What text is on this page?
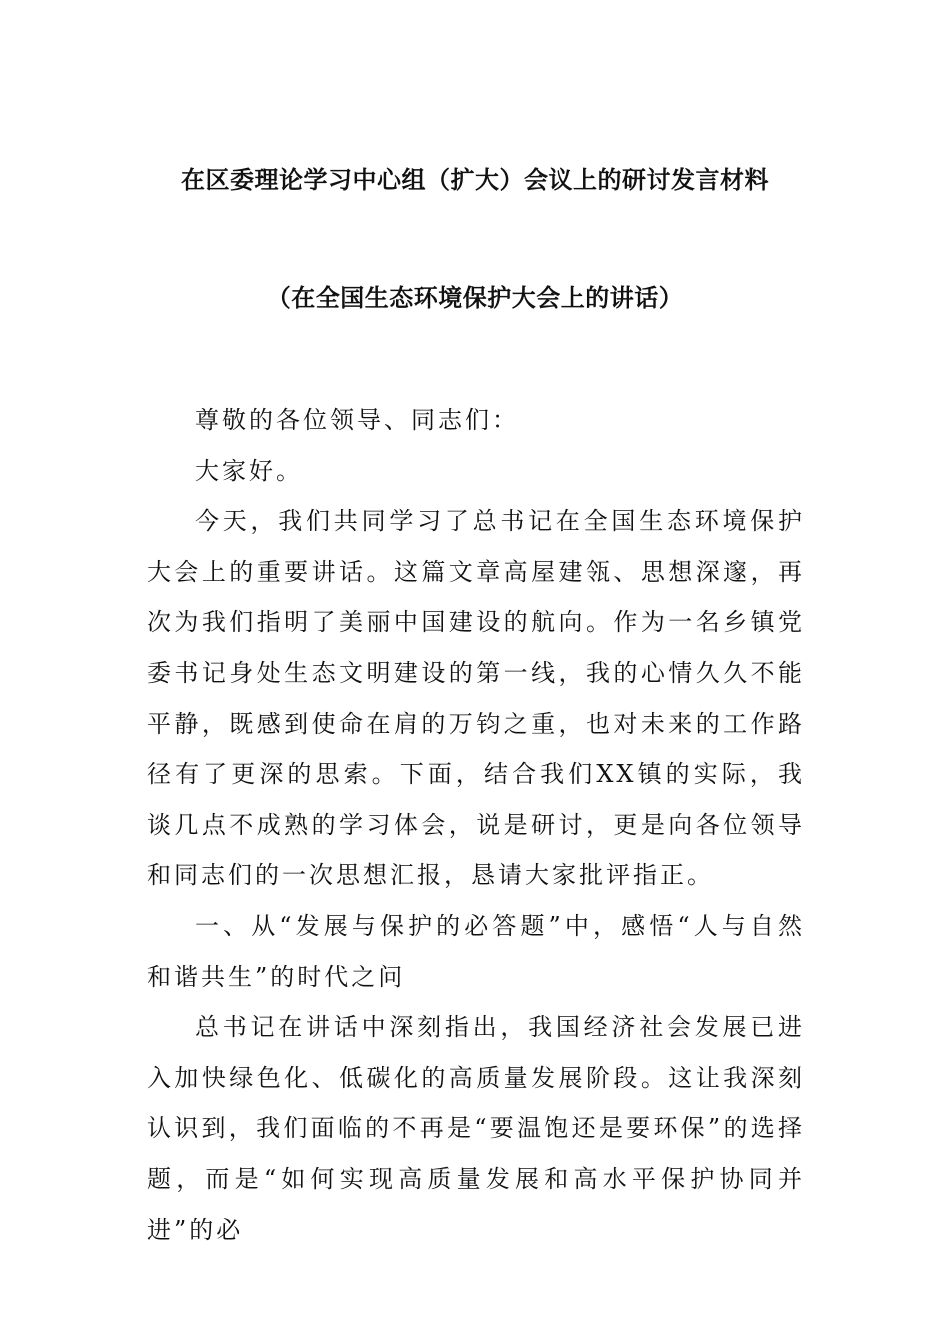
在区委理论学习中心组（扩大）会议上的研讨发言材料
（在全国生态环境保护大会上的讲话）

尊敬的各位领导、同志们：

大家好。

今天，我们共同学习了总书记在全国生态环境保护大会上的重要讲话。这篇文章高屋建瓴、思想深邃，再次为我们指明了美丽中国建设的航向。作为一名乡镇党委书记身处生态文明建设的第一线，我的心情久久不能平静，既感到使命在肩的万钧之重，也对未来的工作路径有了更深的思索。下面，结合我们XX镇的实际，我谈几点不成熟的学习体会，说是研讨，更是向各位领导和同志们的一次思想汇报，恳请大家批评指正。

一、从“发展与保护的必答题”中，感悟“人与自然和谐共生”的时代之问

总书记在讲话中深刻指出，我国经济社会发展已进入加快绿色化、低碳化的高质量发展阶段。这让我深刻认识到，我们面临的不再是“要温饱还是要环保”的选择题，而是“如何实现高质量发展和高水平保护协同并进”的必
